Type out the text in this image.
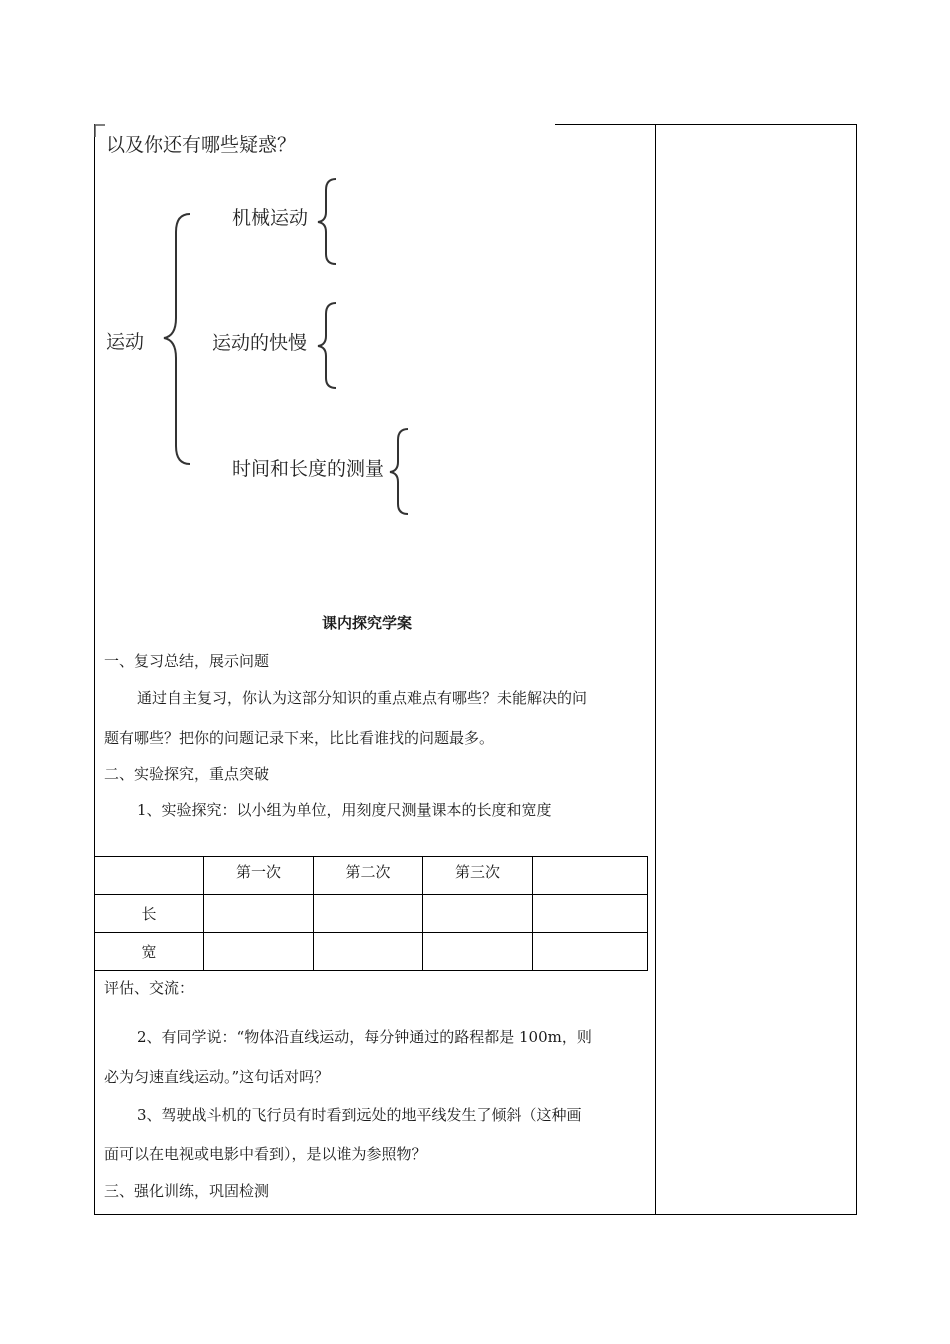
以及你还有哪些疑惑？
运动
机械运动
运动的快慢
时间和长度的测量
课内探究学案
一、复习总结，展示问题
通过自主复习，你认为这部分知识的重点难点有哪些？未能解决的问
题有哪些？把你的问题记录下来，比比看谁找的问题最多。
二、实验探究，重点突破
1、实验探究：以小组为单位，用刻度尺测量课本的长度和宽度
	第一次	第二次	第三次	
长				
宽				
评估、交流：
2、有同学说：“物体沿直线运动，每分钟通过的路程都是 100m，则
必为匀速直线运动。”这句话对吗？
3、驾驶战斗机的飞行员有时看到远处的地平线发生了倾斜（这种画
面可以在电视或电影中看到），是以谁为参照物？
三、强化训练，巩固检测
